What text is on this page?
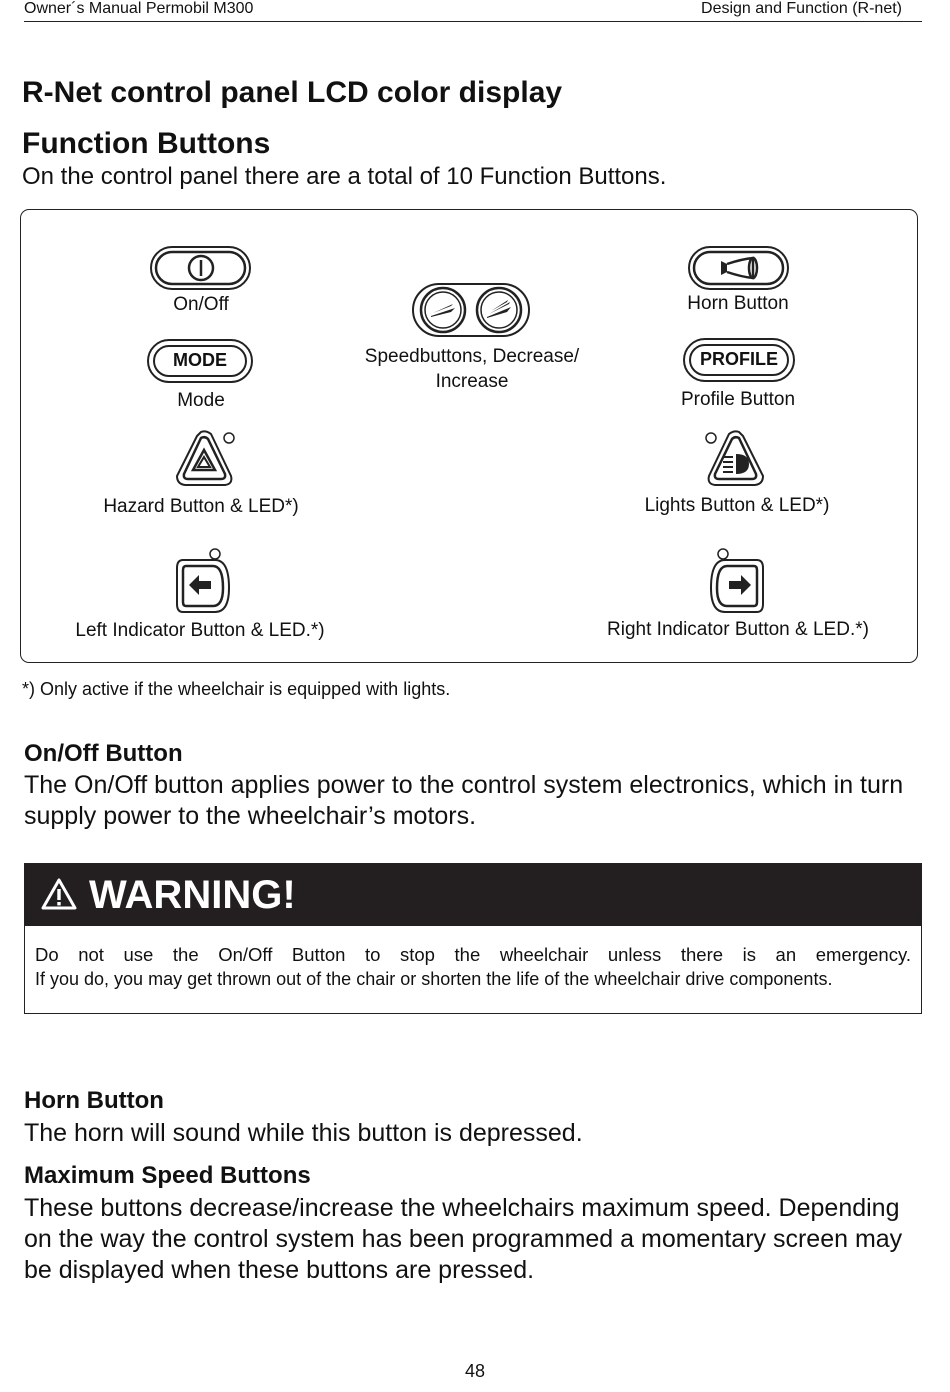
Owner´s Manual Permobil M300	Design and Function (R-net)
R-Net control panel LCD color display
Function Buttons
On the control panel there are a total of 10 Function Buttons.
On/Off	Horn Button
Speedbuttons, Decrease/
Increase
MODE
Mode
PROFILE
Profile Button
Hazard Button & LED*)	Lights Button & LED*)
Left Indicator Button & LED.*)	Right Indicator Button & LED.*)
*) Only active if the wheelchair is equipped with lights.
On/Off Button
The On/Off button applies power to the control system electronics, which in turn
supply power to the wheelchair’s motors.
WARNING!
Do not use the On/Off Button to stop the wheelchair unless there is an emergency.
If you do, you may get thrown out of the chair or shorten the life of the wheelchair drive components.
Horn Button
The horn will sound while this button is depressed.
Maximum Speed Buttons
These buttons decrease/increase the wheelchairs maximum speed. Depending
on the way the control system has been programmed a momentary screen may
be displayed when these buttons are pressed.
48
